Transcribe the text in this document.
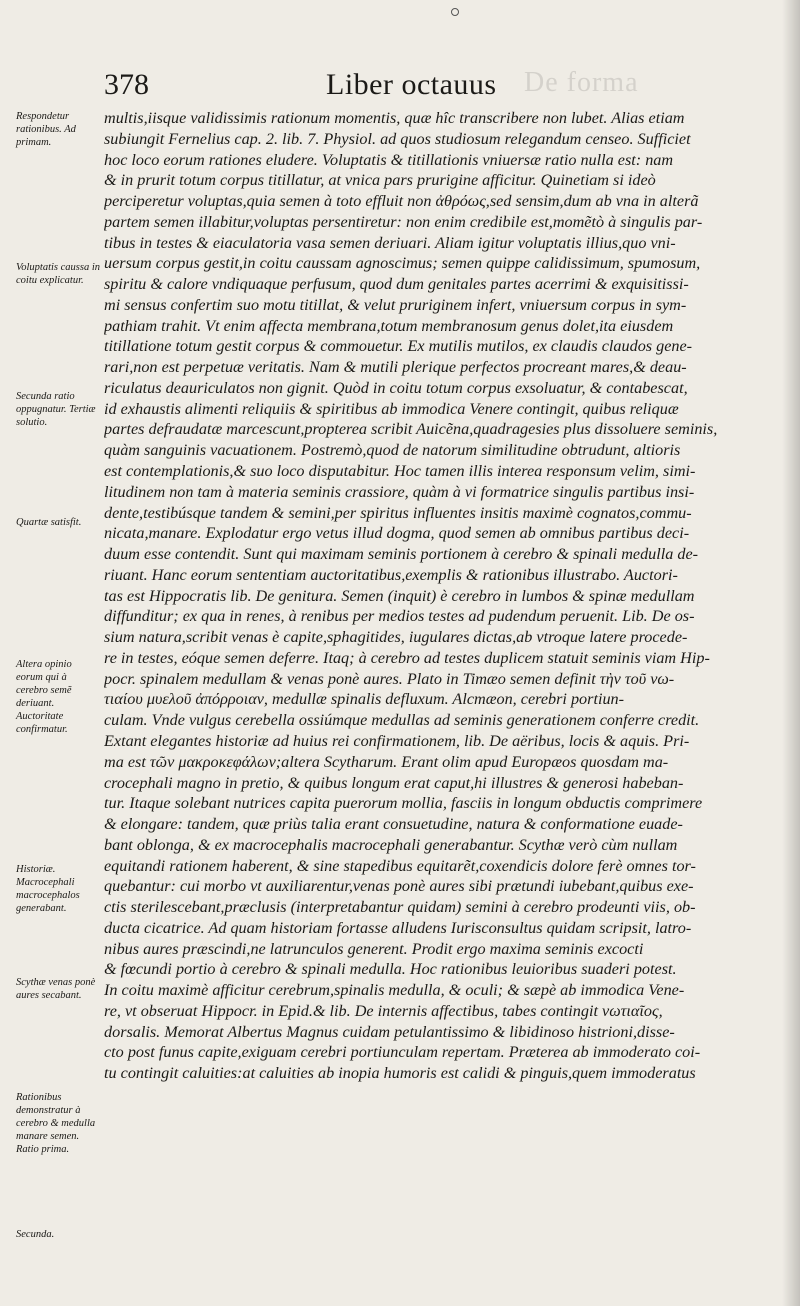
378	De forma
Liber octauus
Respondetur rationibus. Ad primam.
Voluptatis caussa in coitu explicatur.
Secunda ratio oppugnatur. Tertiæ solutio.
Quartæ satisfit.
Altera opinio eorum qui à cerebro semẽ deriuant. Auctoritate confirmatur.
Historiæ. Macrocephali macrocephalos generabant.
Scythæ venas ponè aures secabant.
Rationibus demonstratur à cerebro & medulla manare semen. Ratio prima.
Secunda.
multis,iisque validissimis rationum momentis, quæ hîc transcribere non lubet. Alias etiam
subiungit Fernelius cap. 2. lib. 7. Physiol. ad quos studiosum relegandum censeo. Sufficiet
hoc loco eorum rationes eludere. Voluptatis & titillationis vniuersæ ratio nulla est: nam
& in prurit totum corpus titillatur, at vnica pars prurigine afficitur. Quinetiam si ideò
perciperetur voluptas,quia semen à toto effluit non ἀθρόως,sed sensim,dum ab vna in alterã
partem semen illabitur,voluptas persentiretur: non enim credibile est,momẽtò à singulis par-
tibus in testes & eiaculatoria vasa semen deriuari. Aliam igitur voluptatis illius,quo vni-
uersum corpus gestit,in coitu caussam agnoscimus; semen quippe calidissimum, spumosum,
spiritu & calore vndiquaque perfusum, quod dum genitales partes acerrimi & exquisitissi-
mi sensus confertim suo motu titillat, & velut pruriginem infert, vniuersum corpus in sym-
pathiam trahit. Vt enim affecta membrana,totum membranosum genus dolet,ita eiusdem
titillatione totum gestit corpus & commouetur. Ex mutilis mutilos, ex claudis claudos gene-
rari,non est perpetuæ veritatis. Nam & mutili plerique perfectos procreant mares,& deau-
riculatus deauriculatos non gignit. Quòd in coitu totum corpus exsoluatur, & contabescat,
id exhaustis alimenti reliquiis & spiritibus ab immodica Venere contingit, quibus reliquæ
partes defraudatæ marcescunt,propterea scribit Auicẽna,quadragesies plus dissoluere seminis,
quàm sanguinis vacuationem. Postremò,quod de natorum similitudine obtrudunt, altioris
est contemplationis,& suo loco disputabitur. Hoc tamen illis interea responsum velim, simi-
litudinem non tam à materia seminis crassiore, quàm à vi formatrice singulis partibus insi-
dente,testibúsque tandem & semini,per spiritus influentes insitis maximè cognatos,commu-
nicata,manare. Explodatur ergo vetus illud dogma, quod semen ab omnibus partibus deci-
duum esse contendit. Sunt qui maximam seminis portionem à cerebro & spinali medulla de-
riuant. Hanc eorum sententiam auctoritatibus,exemplis & rationibus illustrabo. Auctori-
tas est Hippocratis lib. De genitura. Semen (inquit) è cerebro in lumbos & spinæ medullam
diffunditur; ex qua in renes, à renibus per medios testes ad pudendum peruenit. Lib. De os-
sium natura,scribit venas è capite,sphagitides, iugulares dictas,ab vtroque latere procede-
re in testes, eóque semen deferre. Itaq; à cerebro ad testes duplicem statuit seminis viam Hip-
pocr. spinalem medullam & venas ponè aures. Plato in Timæo semen definit τὴν τοῦ νω-
τιαίου μυελοῦ ἀπόρροιαν, medullæ spinalis defluxum. Alcmæon, cerebri portiun-
culam. Vnde vulgus cerebella ossiúmque medullas ad seminis generationem conferre credit.
Extant elegantes historiæ ad huius rei confirmationem, lib. De aëribus, locis & aquis. Pri-
ma est τῶν μακροκεφάλων;altera Scytharum. Erant olim apud Europæos quosdam ma-
crocephali magno in pretio, & quibus longum erat caput,hi illustres & generosi habeban-
tur. Itaque solebant nutrices capita puerorum mollia, fasciis in longum obductis comprimere
& elongare: tandem, quæ priùs talia erant consuetudine, natura & conformatione euade-
bant oblonga, & ex macrocephalis macrocephali generabantur. Scythæ verò cùm nullam
equitandi rationem haberent, & sine stapedibus equitarẽt,coxendicis dolore ferè omnes tor-
quebantur: cui morbo vt auxiliarentur,venas ponè aures sibi prætundi iubebant,quibus exe-
ctis sterilescebant,præclusis (interpretabantur quidam) semini à cerebro prodeunti viis, ob-
ducta cicatrice. Ad quam historiam fortasse alludens Iurisconsultus quidam scripsit, latro-
nibus aures præscindi,ne latrunculos generent. Prodit ergo maxima seminis excocti
& fœcundi portio à cerebro & spinali medulla. Hoc rationibus leuioribus suaderi potest.
In coitu maximè afficitur cerebrum,spinalis medulla, & oculi; & sæpè ab immodica Vene-
re, vt obseruat Hippocr. in Epid.& lib. De internis affectibus, tabes contingit νωτιαῖος,
dorsalis. Memorat Albertus Magnus cuidam petulantissimo & libidinoso histrioni,disse-
cto post funus capite,exiguam cerebri portiunculam repertam. Præterea ab immoderato coi-
tu contingit caluities:at caluities ab inopia humoris est calidi & pinguis,quem immoderatus
